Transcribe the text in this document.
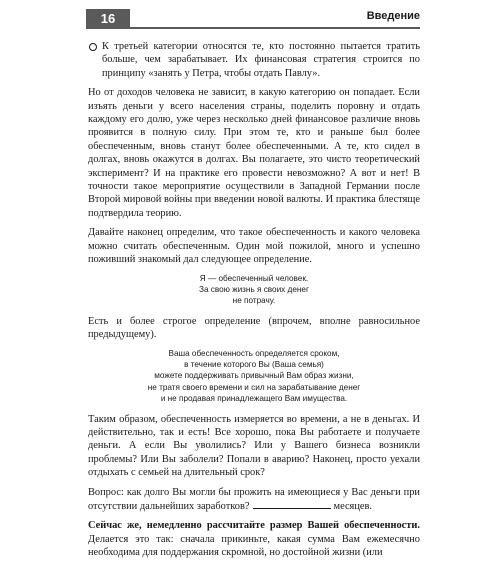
16	Введение
К третьей категории относятся те, кто постоянно пытается тратить больше, чем зарабатывает. Их финансовая стратегия строится по принципу «занять у Петра, чтобы отдать Павлу».

Но от доходов человека не зависит, в какую категорию он попадает. Если изъять деньги у всего населения страны, поделить поровну и отдать каждому его долю, уже через несколько дней финансовое различие вновь проявится в полную силу. При этом те, кто и раньше был более обеспеченным, вновь станут более обеспеченными. А те, кто сидел в долгах, вновь окажутся в долгах. Вы полагаете, это чисто теоретический эксперимент? И на практике его провести невозможно? А вот и нет! В точности такое мероприятие осуществили в Западной Германии после Второй мировой войны при введении новой валюты. И практика блестяще подтвердила теорию.

Давайте наконец определим, что такое обеспеченность и какого человека можно считать обеспеченным. Один мой пожилой, много и успешно поживший знакомый дал следующее определение.

Я — обеспеченный человек.
За свою жизнь я своих денег
не потрачу.

Есть и более строгое определение (впрочем, вполне равносильное предыдущему).

Ваша обеспеченность определяется сроком,
в течение которого Вы (Ваша семья)
можете поддерживать привычный Вам образ жизни,
не тратя своего времени и сил на зарабатывание денег
и не продавая принадлежащего Вам имущества.

Таким образом, обеспеченность измеряется во времени, а не в деньгах. И действительно, так и есть! Все хорошо, пока Вы работаете и получаете деньги. А если Вы уволились? Или у Вашего бизнеса возникли проблемы? Или Вы заболели? Попали в аварию? Наконец, просто уехали отдыхать с семьей на длительный срок?

Вопрос: как долго Вы могли бы прожить на имеющиеся у Вас деньги при отсутствии дальнейших заработков?	месяцев.

Сейчас же, немедленно рассчитайте размер Вашей обеспеченности. Делается это так: сначала прикиньте, какая сумма Вам ежемесячно необходима для поддержания скромной, но достойной жизни (или
